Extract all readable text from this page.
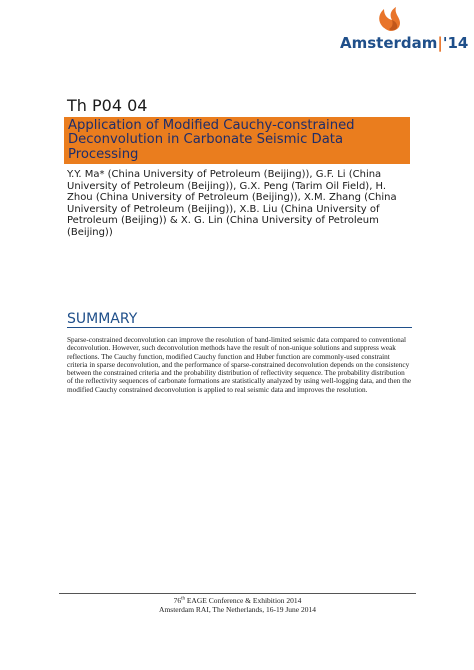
Amsterdam|'14
Th P04 04
Application of Modified Cauchy-constrained Deconvolution in Carbonate Seismic Data Processing
Y.Y. Ma* (China University of Petroleum (Beijing)), G.F. Li (China University of Petroleum (Beijing)), G.X. Peng (Tarim Oil Field), H. Zhou (China University of Petroleum (Beijing)), X.M. Zhang (China University of Petroleum (Beijing)), X.B. Liu (China University of Petroleum (Beijing)) & X. G. Lin (China University of Petroleum (Beijing))
SUMMARY
Sparse-constrained deconvolution can improve the resolution of band-limited seismic data compared to conventional deconvolution. However, such deconvolution methods have the result of non-unique solutions and suppress weak reflections. The Cauchy function, modified Cauchy function and Huber function are commonly-used constraint criteria in sparse deconvolution, and the performance of sparse-constrained deconvolution depends on the consistency between the constrained criteria and the probability distribution of reflectivity sequence. The probability distribution of the reflectivity sequences of carbonate formations are statistically analyzed by using well-logging data, and then the modified Cauchy constrained deconvolution is applied to real seismic data and improves the resolution.
76th EAGE Conference & Exhibition 2014
Amsterdam RAI, The Netherlands, 16-19 June 2014
